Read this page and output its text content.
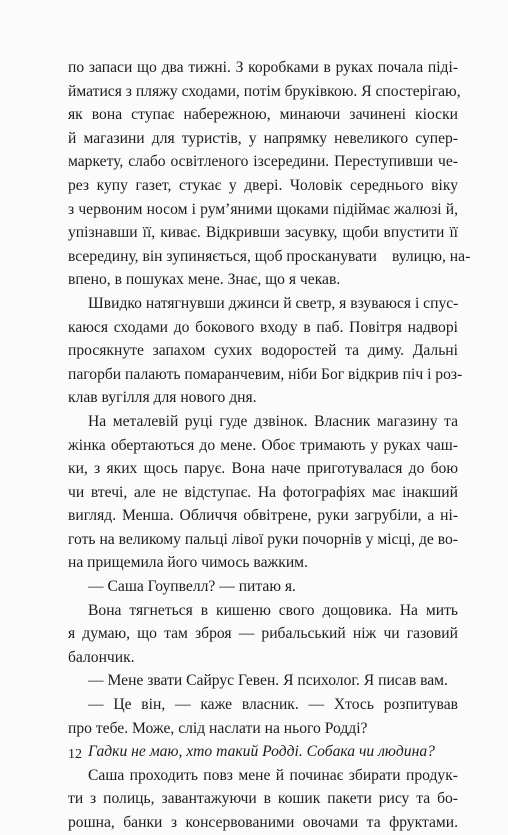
по запаси що два тижні. З коробками в руках почала піді-
йматися з пляжу сходами, потім бруківкою. Я спостерігаю,
як вона ступає набережною, минаючи зачинені кіоски
й магазини для туристів, у напрямку невеликого супер-
маркету, слабо освітленого ізсередини. Переступивши че-
рез купу газет, стукає у двері. Чоловік середнього віку
з червоним носом і рум’яними щоками підіймає жалюзі й,
упізнавши її, киває. Відкривши засувку, щоби впустити її
всередину, він зупиняється, щоб проскануватиᅟвулицю, на-
впено, в пошуках мене. Знає, що я чекав.
Швидко натягнувши джинси й светр, я взуваюся і спус-
каюся сходами до бокового входу в паб. Повітря надворі
просякнуте запахом сухих водоростей та диму. Дальні
пагорби палають помаранчевим, ніби Бог відкрив піч і роз-
клав вугілля для нового дня.
На металевій руці гуде дзвінок. Власник магазину та
жінка обертаються до мене. Обоє тримають у руках чаш-
ки, з яких щось парує. Вона наче приготувалася до бою
чи втечі, але не відступає. На фотографіях має інакший
вигляд. Менша. Обличчя обвітрене, руки загрубіли, а ні-
готь на великому пальці лівої руки почорнів у місці, де во-
на прищемила його чимось важким.
— Саша Гоупвелл? — питаю я.
Вона тягнеться в кишеню свого дощовика. На мить
я думаю, що там зброя — рибальський ніж чи газовий
балончик.
— Мене звати Сайрус Гевен. Я психолог. Я писав вам.
— Це він, — каже власник. — Хтось розпитував
про тебе. Може, слід наслати на нього Родді?
Гадки не маю, хто такий Родді. Собака чи людина?
Саша проходить повз мене й починає збирати продук-
ти з полиць, завантажуючи в кошик пакети рису та бо-
рошна, банки з консервованими овочами та фруктами.
12
